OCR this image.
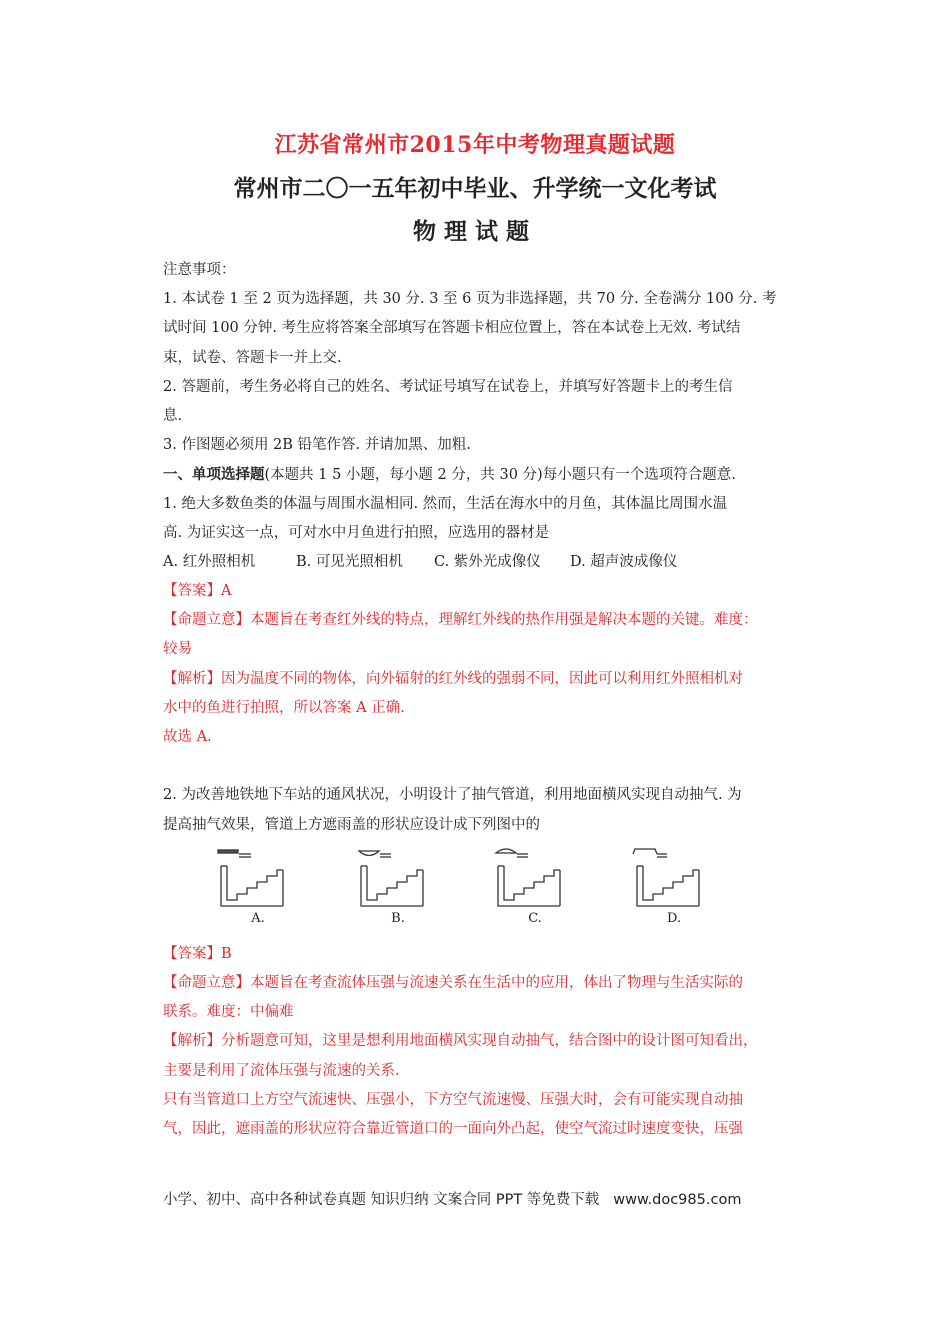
江苏省常州市2015年中考物理真题试题
常州市二〇一五年初中毕业、升学统一文化考试
物理试题
注意事项：
1. 本试卷 1 至 2 页为选择题，共 30 分. 3 至 6 页为非选择题，共 70 分. 全卷满分 100 分. 考
试时间 100 分钟. 考生应将答案全部填写在答题卡相应位置上，答在本试卷上无效. 考试结
束，试卷、答题卡一并上交.
2. 答题前，考生务必将自己的姓名、考试证号填写在试卷上，并填写好答题卡上的考生信
息.
3. 作图题必须用 2B 铅笔作答. 并请加黑、加粗.
一、单项选择题(本题共 1 5 小题，每小题 2 分，共 30 分)每小题只有一个选项符合题意.
1. 绝大多数鱼类的体温与周围水温相同. 然而，生活在海水中的月鱼，其体温比周围水温
高. 为证实这一点，可对水中月鱼进行拍照，应选用的器材是
A. 红外照相机	B. 可见光照相机 C. 紫外光成像仪 D. 超声波成像仪
【答案】A
【命题立意】本题旨在考查红外线的特点，理解红外线的热作用强是解决本题的关键。难度：
较易
【解析】因为温度不同的物体，向外辐射的红外线的强弱不同，因此可以利用红外照相机对
水中的鱼进行拍照，所以答案 A 正确.
故选 A.
2. 为改善地铁地下车站的通风状况，小明设计了抽气管道，利用地面横风实现自动抽气. 为
提高抽气效果，管道上方遮雨盖的形状应设计成下列图中的
A.	B.	C.	D.
【答案】B
【命题立意】本题旨在考查流体压强与流速关系在生活中的应用，体出了物理与生活实际的
联系。难度：中偏难
【解析】分析题意可知，这里是想利用地面横风实现自动抽气，结合图中的设计图可知看出，
主要是利用了流体压强与流速的关系.
只有当管道口上方空气流速快、压强小，下方空气流速慢、压强大时，会有可能实现自动抽
气，因此，遮雨盖的形状应符合靠近管道口的一面向外凸起，使空气流过时速度变快，压强
小学、初中、高中各种试卷真题 知识归纳 文案合同 PPT 等免费下载 www.doc985.com
